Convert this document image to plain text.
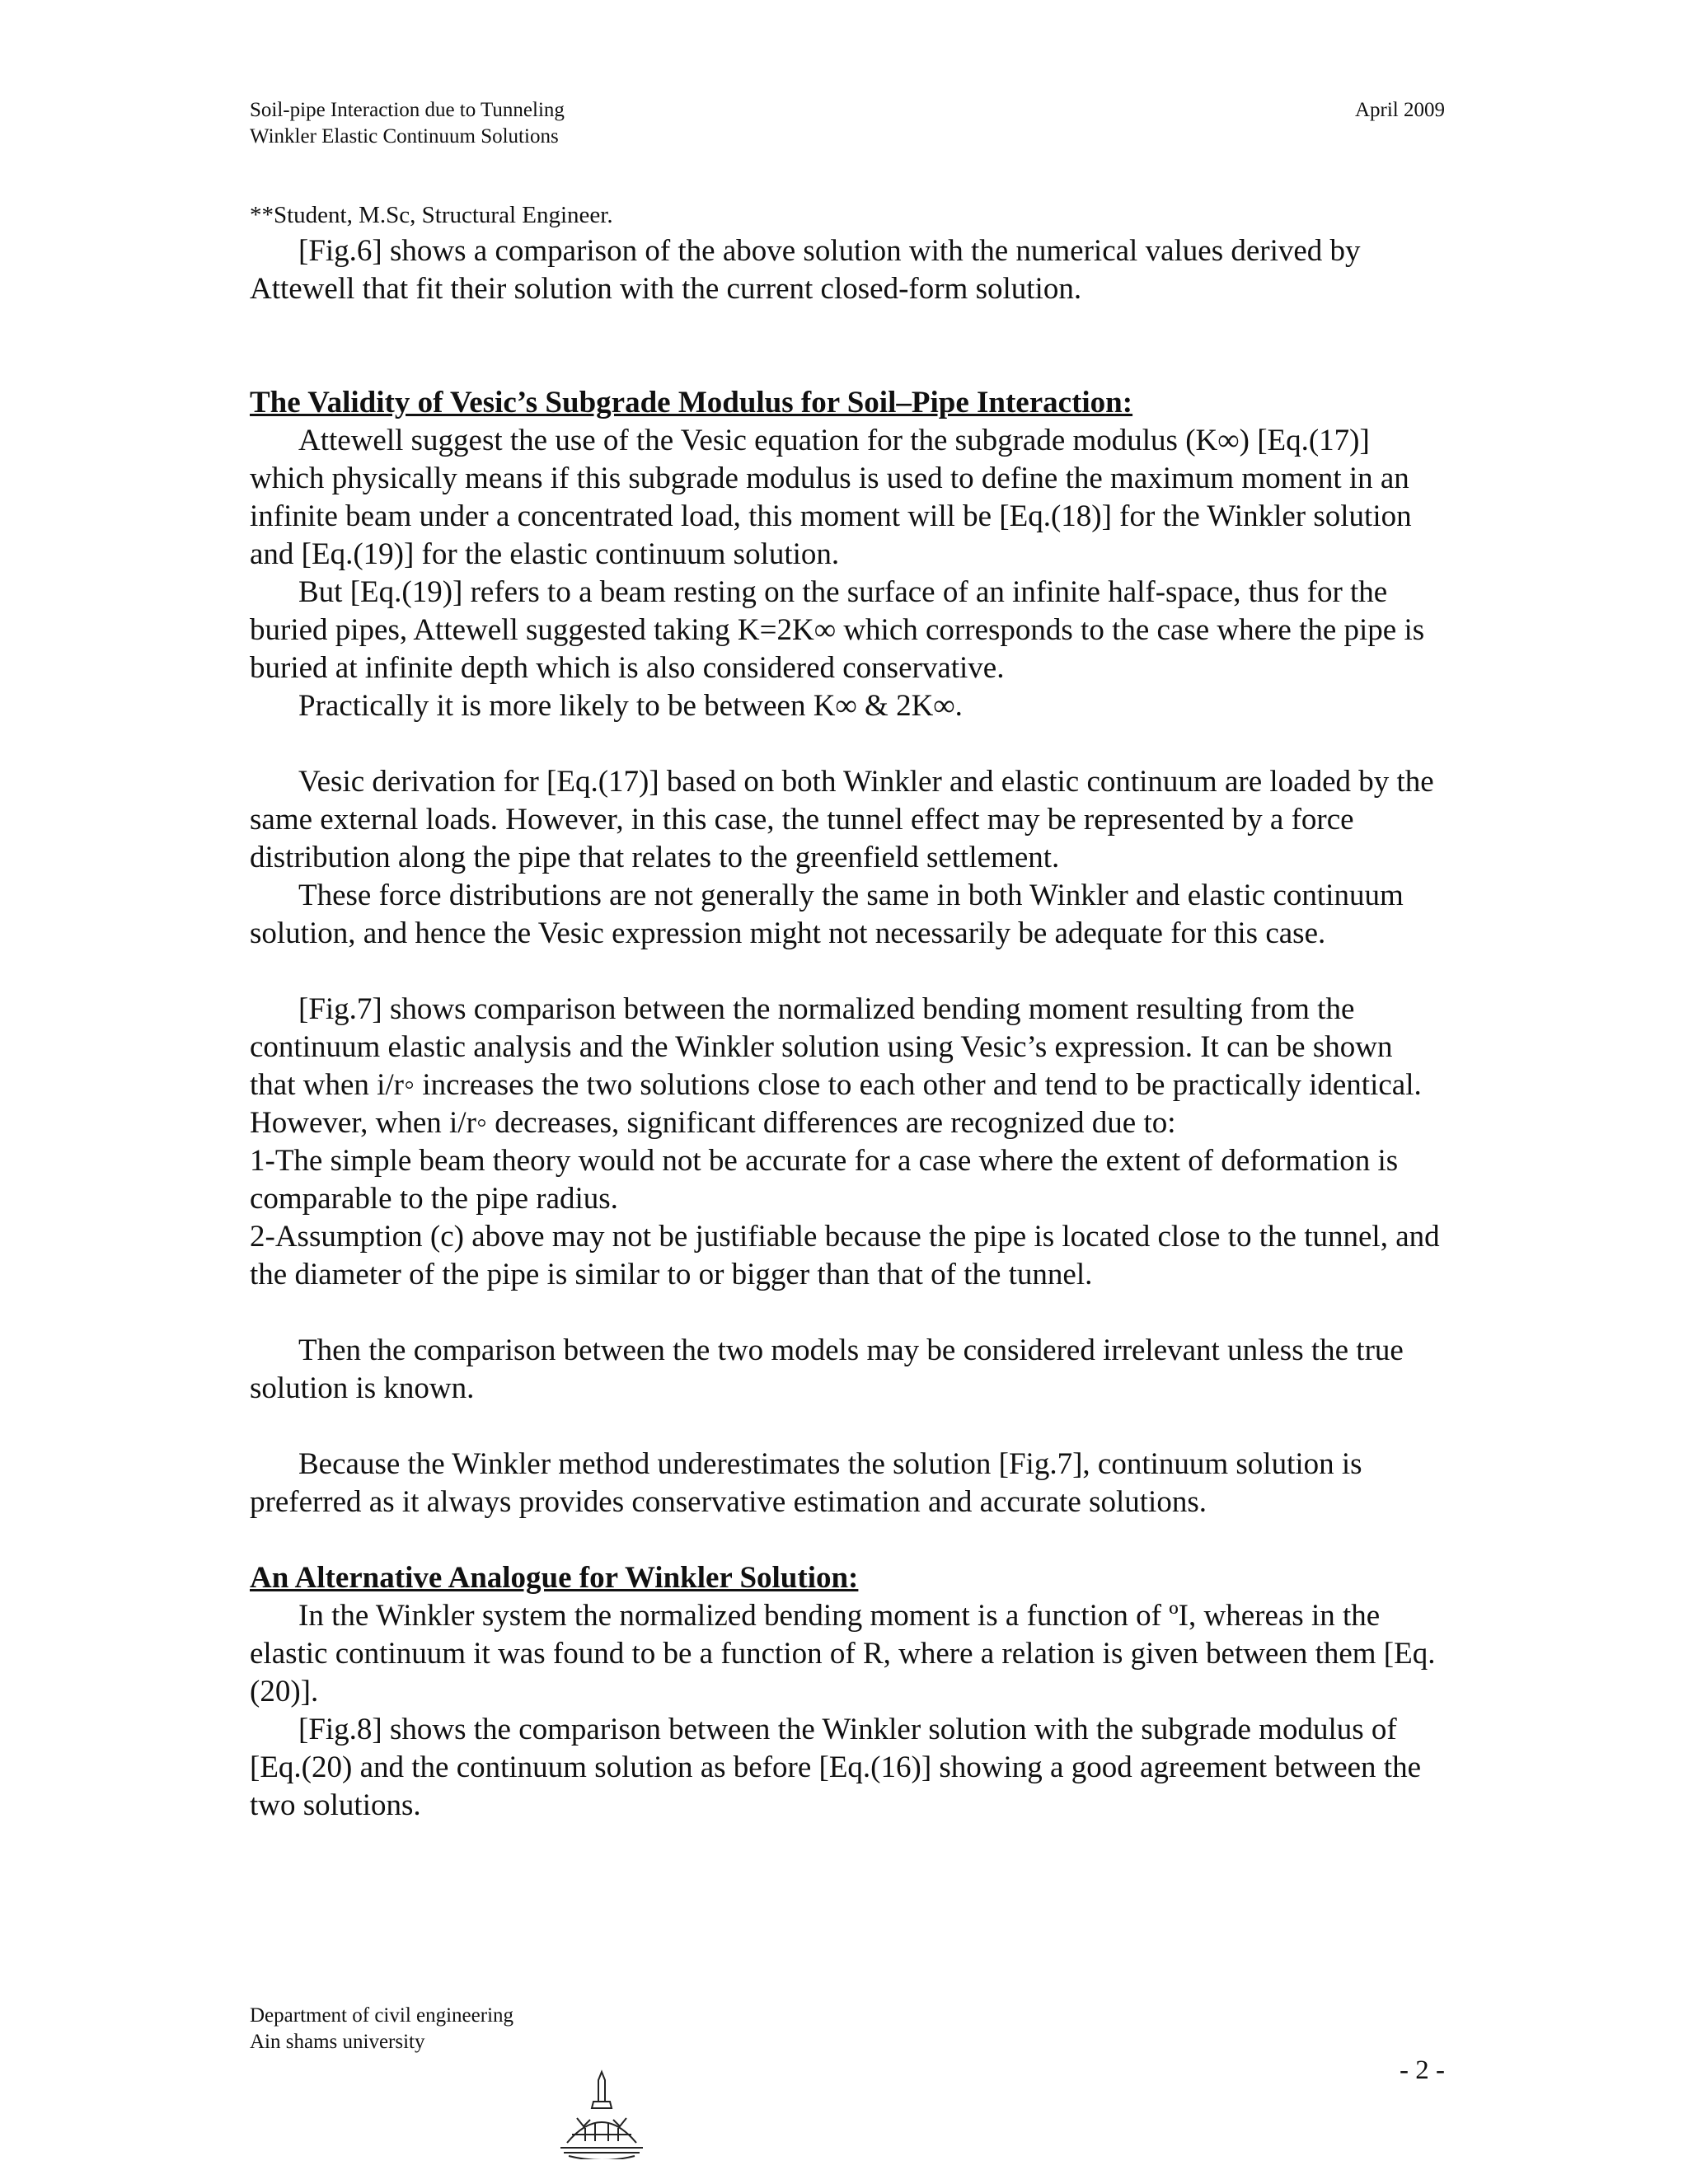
Soil-pipe Interaction due to Tunneling
Winkler Elastic Continuum Solutions
April 2009

**Student, M.Sc, Structural Engineer.

[Fig.6] shows a comparison of the above solution with the numerical values derived by Attewell that fit their solution with the current closed-form solution.

The Validity of Vesic’s Subgrade Modulus for Soil–Pipe Interaction:

Attewell suggest the use of the Vesic equation for the subgrade modulus (K∞) [Eq.(17)] which physically means if this subgrade modulus is used to define the maximum moment in an infinite beam under a concentrated load, this moment will be [Eq.(18)] for the Winkler solution and [Eq.(19)] for the elastic continuum solution.

But [Eq.(19)] refers to a beam resting on the surface of an infinite half-space, thus for the buried pipes, Attewell suggested taking K=2K∞ which corresponds to the case where the pipe is buried at infinite depth which is also considered conservative.

Practically it is more likely to be between K∞ & 2K∞.

Vesic derivation for [Eq.(17)] based on both Winkler and elastic continuum are loaded by the same external loads. However, in this case, the tunnel effect may be represented by a force distribution along the pipe that relates to the greenfield settlement.

These force distributions are not generally the same in both Winkler and elastic continuum solution, and hence the Vesic expression might not necessarily be adequate for this case.

[Fig.7] shows comparison between the normalized bending moment resulting from the continuum elastic analysis and the Winkler solution using Vesic’s expression. It can be shown that when i/r◦ increases the two solutions close to each other and tend to be practically identical. However, when i/r◦ decreases, significant differences are recognized due to:

1-The simple beam theory would not be accurate for a case where the extent of deformation is comparable to the pipe radius.

2-Assumption (c) above may not be justifiable because the pipe is located close to the tunnel, and the diameter of the pipe is similar to or bigger than that of the tunnel.

Then the comparison between the two models may be considered irrelevant unless the true solution is known.

Because the Winkler method underestimates the solution [Fig.7], continuum solution is preferred as it always provides conservative estimation and accurate solutions.

An Alternative Analogue for Winkler Solution:

In the Winkler system the normalized bending moment is a function of ºI, whereas in the elastic continuum it was found to be a function of R, where a relation is given between them [Eq.(20)].

[Fig.8] shows the comparison between the Winkler solution with the subgrade modulus of [Eq.(20) and the continuum solution as before [Eq.(16)] showing a good agreement between the two solutions.

Department of civil engineering
Ain shams university
- 2 -
